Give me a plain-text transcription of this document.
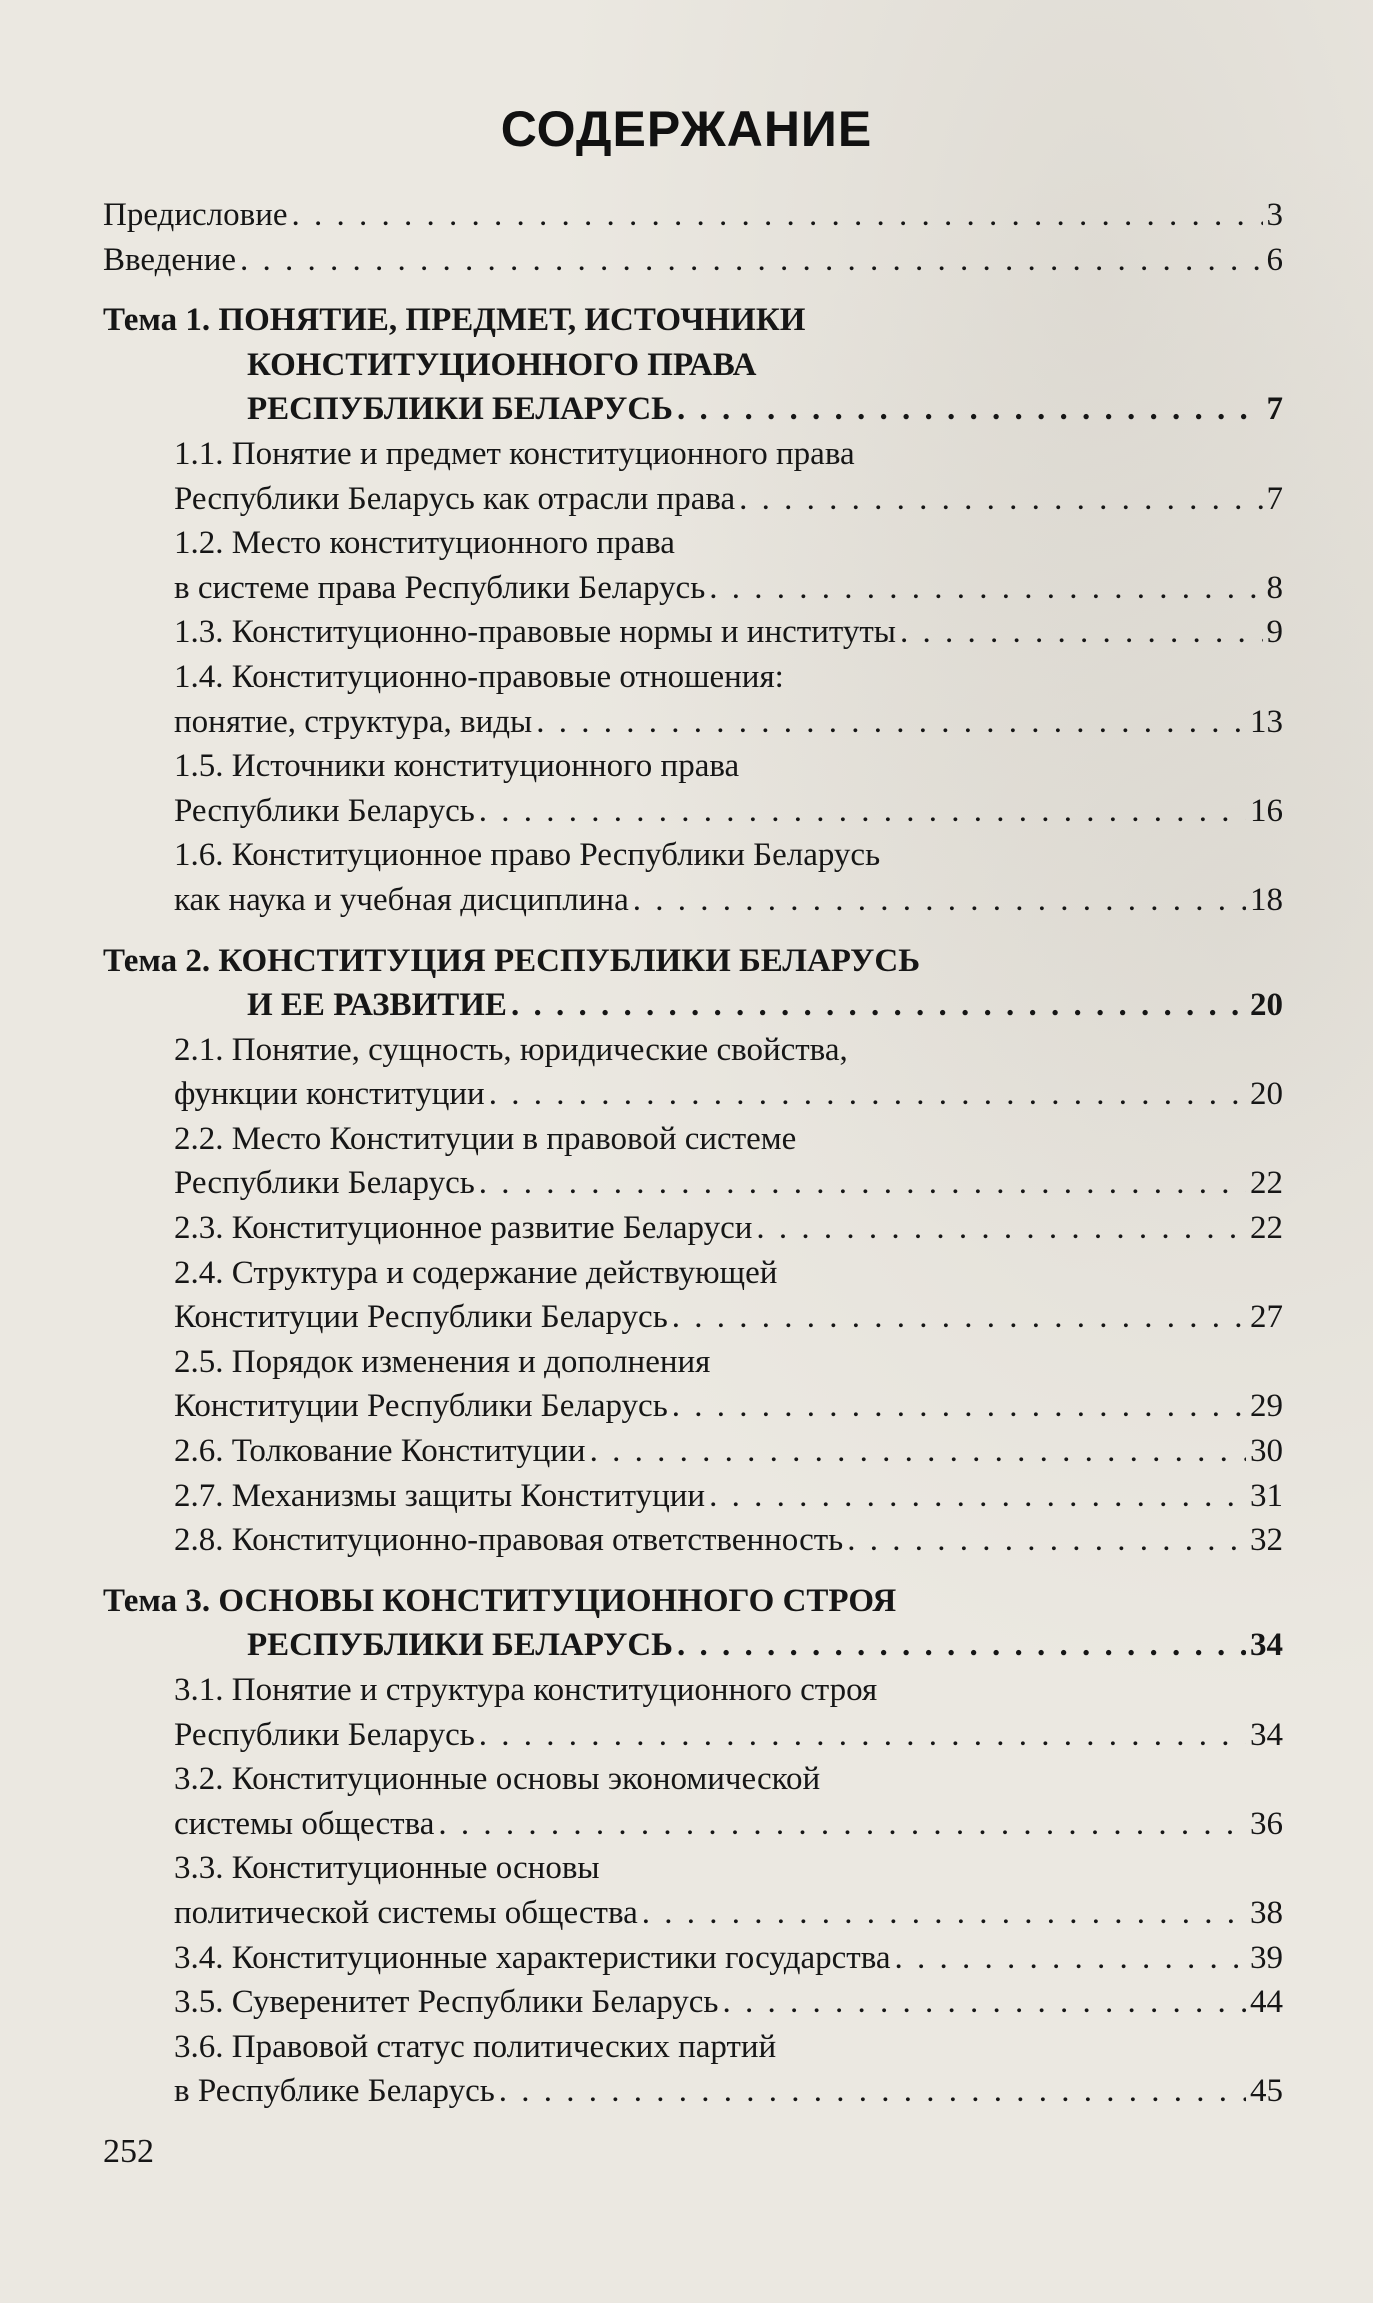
СОДЕРЖАНИЕ
Предисловие . . .	3
Введение . . .	6
Тема 1. ПОНЯТИЕ, ПРЕДМЕТ, ИСТОЧНИКИ
КОНСТИТУЦИОННОГО ПРАВА
РЕСПУБЛИКИ БЕЛАРУСЬ . . .	7
1.1. Понятие и предмет конституционного права
Республики Беларусь как отрасли права . . .	7
1.2. Место конституционного права
в системе права Республики Беларусь . . .	8
1.3. Конституционно-правовые нормы и институты . . .	9
1.4. Конституционно-правовые отношения:
понятие, структура, виды . . .	13
1.5. Источники конституционного права
Республики Беларусь . . .	16
1.6. Конституционное право Республики Беларусь
как наука и учебная дисциплина . . .	18
Тема 2. КОНСТИТУЦИЯ РЕСПУБЛИКИ БЕЛАРУСЬ
И ЕЕ РАЗВИТИЕ . . .	20
2.1. Понятие, сущность, юридические свойства,
функции конституции . . .	20
2.2. Место Конституции в правовой системе
Республики Беларусь . . .	22
2.3. Конституционное развитие Беларуси . . .	22
2.4. Структура и содержание действующей
Конституции Республики Беларусь . . .	27
2.5. Порядок изменения и дополнения
Конституции Республики Беларусь . . .	29
2.6. Толкование Конституции . . .	30
2.7. Механизмы защиты Конституции . . .	31
2.8. Конституционно-правовая ответственность . . .	32
Тема 3. ОСНОВЫ КОНСТИТУЦИОННОГО СТРОЯ
РЕСПУБЛИКИ БЕЛАРУСЬ . . .	34
3.1. Понятие и структура конституционного строя
Республики Беларусь . . .	34
3.2. Конституционные основы экономической
системы общества . . .	36
3.3. Конституционные основы
политической системы общества . . .	38
3.4. Конституционные характеристики государства . . .	39
3.5. Суверенитет Республики Беларусь . . .	44
3.6. Правовой статус политических партий
в Республике Беларусь . . .	45
252
